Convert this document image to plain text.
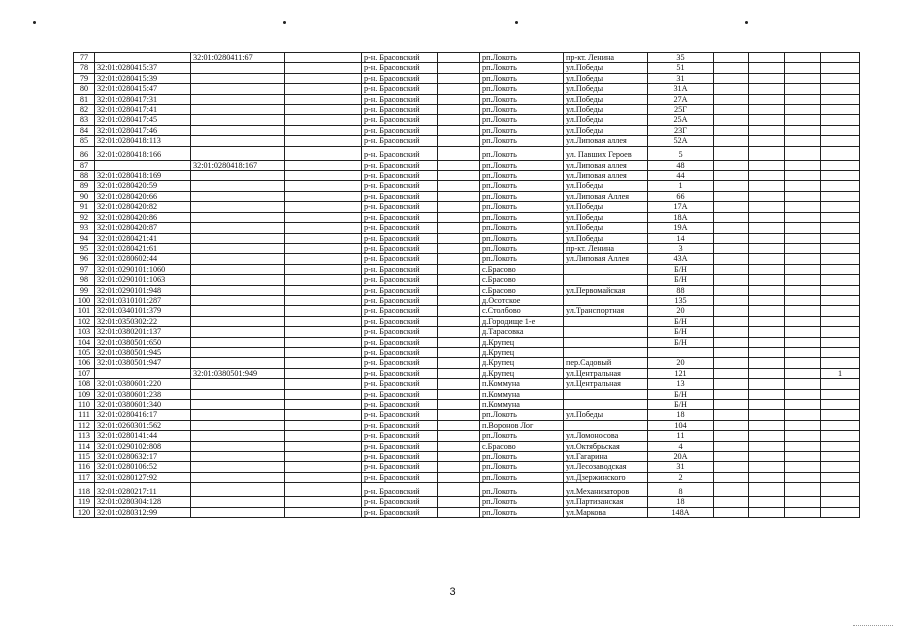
77		32:01:0280411:67		р-н. Брасовский		рп.Локоть	пр-кт. Ленина	35				
78	32:01:0280415:37			р-н. Брасовский		рп.Локоть	ул.Победы	51				
79	32:01:0280415:39			р-н. Брасовский		рп.Локоть	ул.Победы	31				
80	32:01:0280415:47			р-н. Брасовский		рп.Локоть	ул.Победы	31А				
81	32:01:0280417:31			р-н. Брасовский		рп.Локоть	ул.Победы	27А				
82	32:01:0280417:41			р-н. Брасовский		рп.Локоть	ул.Победы	25Г				
83	32:01:0280417:45			р-н. Брасовский		рп.Локоть	ул.Победы	25А				
84	32:01:0280417:46			р-н. Брасовский		рп.Локоть	ул.Победы	23Г				
85	32:01:0280418:113			р-н. Брасовский		рп.Локоть	ул.Липовая аллея	52А				
86	32:01:0280418:166			р-н. Брасовский		рп.Локоть	ул. Павших Героев	5				
87		32:01:0280418:167		р-н. Брасовский		рп.Локоть	ул.Липовая аллея	48				
88	32:01:0280418:169			р-н. Брасовский		рп.Локоть	ул.Липовая аллея	44				
89	32:01:0280420:59			р-н. Брасовский		рп.Локоть	ул.Победы	1				
90	32:01:0280420:66			р-н. Брасовский		рп.Локоть	ул.Липовая Аллея	66				
91	32:01:0280420:82			р-н. Брасовский		рп.Локоть	ул.Победы	17А				
92	32:01:0280420:86			р-н. Брасовский		рп.Локоть	ул.Победы	18А				
93	32:01:0280420:87			р-н. Брасовский		рп.Локоть	ул.Победы	19А				
94	32:01:0280421:41			р-н. Брасовский		рп.Локоть	ул.Победы	14				
95	32:01:0280421:61			р-н. Брасовский		рп.Локоть	пр-кт. Ленина	3				
96	32:01:0280602:44			р-н. Брасовский		рп.Локоть	ул.Липовая Аллея	43А				
97	32:01:0290101:1060			р-н. Брасовский		с.Брасово		Б/Н				
98	32:01:0290101:1063			р-н. Брасовский		с.Брасово		Б/Н				
99	32:01:0290101:948			р-н. Брасовский		с.Брасово	ул.Первомайская	88				
100	32:01:0310101:287			р-н. Брасовский		д.Осотское		135				
101	32:01:0340101:379			р-н. Брасовский		с.Столбово	ул.Транспортная	20				
102	32:01:0350302:22			р-н. Брасовский		д.Городище 1-е		Б/Н				
103	32:01:0380201:137			р-н. Брасовский		д.Тарасовка		Б/Н				
104	32:01:0380501:650			р-н. Брасовский		д.Крупец		Б/Н				
105	32:01:0380501:945			р-н. Брасовский		д.Крупец						
106	32:01:0380501:947			р-н. Брасовский		д.Крупец	пер.Садовый	20				
107		32:01:0380501:949		р-н. Брасовский		д.Крупец	ул.Центральная	121				1
108	32:01:0380601:220			р-н. Брасовский		п.Коммуна	ул.Центральная	13				
109	32:01:0380601:238			р-н. Брасовский		п.Коммуна		Б/Н				
110	32:01:0380601:340			р-н. Брасовский		п.Коммуна		Б/Н				
111	32:01:0280416:17			р-н. Брасовский		рп.Локоть	ул.Победы	18				
112	32:01:0260301:562			р-н. Брасовский		п.Воронов Лог		104				
113	32:01:0280141:44			р-н. Брасовский		рп.Локоть	ул.Ломоносова	11				
114	32:01:0290102:808			р-н. Брасовский		с.Брасово	ул.Октябрьская	4				
115	32:01:0280632:17			р-н. Брасовский		рп.Локоть	ул.Гагарина	20А				
116	32:01:0280106:52			р-н. Брасовский		рп.Локоть	ул.Лесозаводская	31				
117	32:01:0280127:92			р-н. Брасовский		рп.Локоть	ул.Дзержинского	2				
118	32:01:0280217:11			р-н. Брасовский		рп.Локоть	ул.Механизаторов	8				
119	32:01:0280304:128			р-н. Брасовский		рп.Локоть	ул.Партизанская	18				
120	32:01:0280312:99			р-н. Брасовский		рп.Локоть	ул.Маркова	148А				
3
